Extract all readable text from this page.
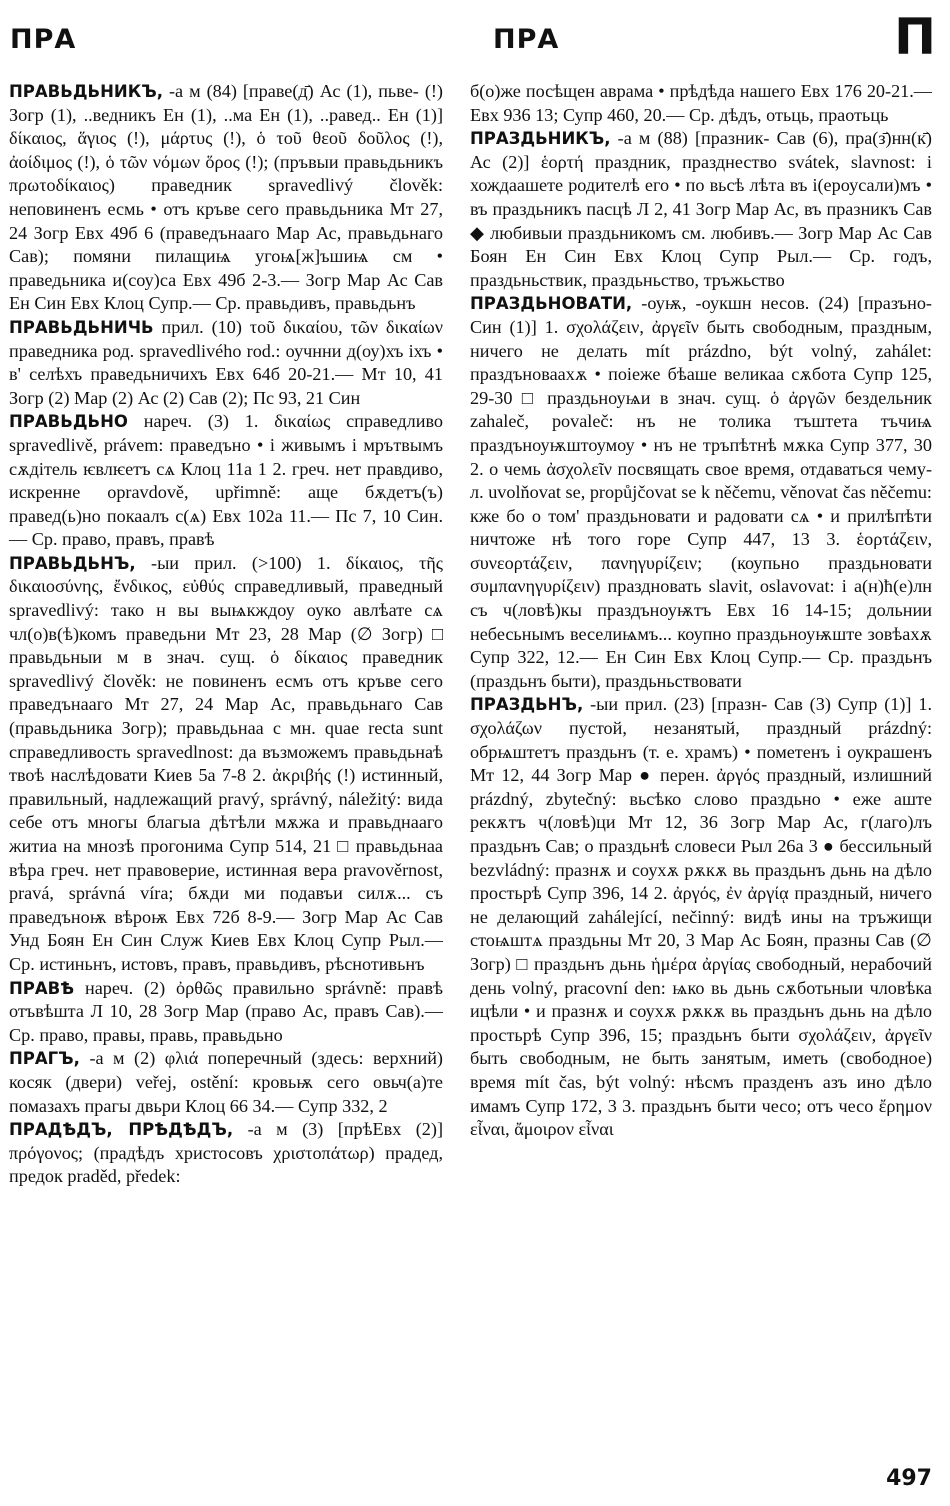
ПРА	ПРА	П

ПРАВЬДЬНИКЪ, -а м (84) [праве(д̄) Ас (1), пьве- (!) Зогр (1), ..ведникъ Ен (1), ..ма Ен (1), ..равед.. Ен (1)] δίκαιος, ἅγιος (!), μάρτυς (!), ὁ τοῦ θεοῦ δοῦλος (!), ἀοίδιμος (!), ὁ τῶν νόμων ὅρος (!); (пръвыи правьдьникъ πρωτοδίκαιος) праведник spravedlivý člověk: неповиненъ есмь • отъ кръве сего правьдьника Мт 27, 24 Зогр Евх 49б 6 (праведънааго Мар Ас, правьдьнаго Сав); помяни пилащиѩ угоѩ[ж]ъшиѩ см • праведьника и(соу)са Евх 49б 2-3.— Зогр Мар Ас Сав Ен Син Евх Клоц Супр.— Ср. правьдивъ, правьдьнъ

ПРАВЬДЬНИЧЬ прил. (10) τοῦ δικαίου, τῶν δικαίων праведника род. spravedlivého rod.: оучнни д(оу)хъ іхъ • в' селѣхъ праведьничихъ Евх 64б 20-21.— Мт 10, 41 Зогр (2) Мар (2) Ас (2) Сав (2); Пс 93, 21 Син

ПРАВЬДЬНО нареч. (3) 1. δικαίως справедливо spravedlivě, právem: праведъно • і живымъ і мрътвымъ сѫдітель ѥвлѥетъ сѧ Клоц 11а 1 2. греч. нет правдиво, искренне opravdově, upřimně: аще бѫдетъ(ъ) правед(ь)но покаалъ с(ѧ) Евх 102а 11.— Пс 7, 10 Син.— Ср. право, правъ, правѣ

ПРАВЬДЬНЪ, -ыи прил. (>100) 1. δίκαιος, τῆς δικαιοσύνης, ἔνδικος, εὐθύς справедливый, праведный spravedlivý: тако н вы выѩкждоу оуко авлѣате сѧ чл(о)в(ѣ)комъ праведьни Мт 23, 28 Мар (∅ Зогр) □ правьдьныи м в знач. сущ. ὁ δίκαιος праведник spravedlivý člověk: не повиненъ есмъ отъ кръве сего праведънааго Мт 27, 24 Мар Ас, правьдьнаго Сав (правьдьника Зогр); правьдьнаа с мн. quae recta sunt справедливость spravedlnost: да възможемъ правьдьнаѣ твоѣ наслѣдовати Киев 5а 7-8 2. ἀκριβής (!) истинный, правильный, надлежащий pravý, správný, náležitý: вида себе отъ многы благыа дѣтѣли мѫжа и правьднааго житиа на мнозѣ прогонима Супр 514, 21 □ правьдьнаа вѣра греч. нет правоверие, истинная вера pravověrnost, pravá, správná víra; бѫди ми подавъи силѫ... съ праведъноѭ вѣроѭ Евх 72б 8-9.— Зогр Мар Ас Сав Унд Боян Ен Син Служ Киев Евх Клоц Супр Рыл.— Ср. истиньнъ, истовъ, правъ, правьдивъ, рѣснотивьнъ

ПРАВѢ нареч. (2) ὀρθῶς правильно správně: правѣ отъвѣшта Л 10, 28 Зогр Мар (право Ас, правъ Сав).— Ср. право, правы, правь, правьдьно

ПРАГЪ, -а м (2) φλιά поперечный (здесь: верхний) косяк (двери) veřej, ostění: кровьѭ сего овьч(а)те помазахъ прагы двьри Клоц 66 34.— Супр 332, 2

ПРАДѢДЪ, ПРѢДѢДЪ, -а м (3) [прѣЕвх (2)] πρόγονος; (прадѣдъ христосовъ χριστοπάτωρ) прадед, предок praděd, předek:

б(о)же посѣщен аврама • прѣдѣда нашего Евх 176 20-21.— Евх 936 13; Супр 460, 20.— Ср. дѣдъ, отьць, праотьць

ПРАЗДЬНИКЪ, -а м (88) [празник- Сав (6), пра(з̄)нн(к̄) Ас (2)] ἑορτή праздник, празднество svátek, slavnost: і хождаашете родителѣ его • по вьсѣ лѣта въ і(ероусали)мъ • въ праздьникъ пасцѣ Л 2, 41 Зогр Мар Ас, въ празникъ Сав ◆ любивыи праздьникомъ см. любивъ.— Зогр Мар Ас Сав Боян Ен Син Евх Клоц Супр Рыл.— Ср. годъ, праздьньствик, праздьньство, тръжьство

ПРАЗДЬНОВАТИ, -оуѭ, -оукшн несов. (24) [празъно- Син (1)] 1. σχολάζειν, ἀργεῖν быть свободным, праздным, ничего не делать mít prázdno, být volný, zahálet: праздъноваахѫ • поіеже бѣаше великаа сѫбота Супр 125, 29-30 □ праздьноуѩи в знач. сущ. ὁ ἀργῶν бездельник zahaleč, povaleč: нъ не толика тъштета тъчиѩ праздъноуѭштоумоу • нъ не тръпѣтнѣ мѫка Супр 377, 30 2. о чемь ἀσχολεῖν посвящать свое время, отдаваться чему-л. uvolňovat se, propůjčovat se k něčemu, věnovat čas něčemu: кже бо о том' праздьновати и радовати сѧ • и прилѣпѣти ничтоже нѣ того горе Супр 447, 13 3. ἑορτάζειν, συνεορτάζειν, πανηγυρίζειν; (коупьно праздьновати συμπανηγυρίζειν) праздновать slavit, oslavovat: і а(н)ћ(е)лн съ ч(ловѣ)кы праздъноуѭтъ Евх 16 14-15; дольнии небесьнымъ веселиѩмъ... коупно праздьноуѭште зовѣахѫ Супр 322, 12.— Ен Син Евх Клоц Супр.— Ср. праздьнъ (праздьнъ быти), праздьньствовати

ПРАЗДЬНЪ, -ыи прил. (23) [празн- Сав (3) Супр (1)] 1. σχολάζων пустой, незанятый, праздный prázdný: обрѩштетъ праздьнъ (т. е. храмъ) • пометенъ і оукрашенъ Мт 12, 44 Зогр Мар ● перен. ἀργός праздный, излишний prázdný, zbytečný: вьсѣко слово праздьно • еже аште рекѫтъ ч(ловѣ)ци Мт 12, 36 Зогр Мар Ас, г(лаго)лъ праздьнъ Сав; о праздьнѣ словеси Рыл 26а 3 ● бессильный bezvládný: празнѫ и соухѫ рѫкѫ вь праздьнъ дьнь на дѣло простьрѣ Супр 396, 14 2. ἀργός, ἐν ἀργίᾳ праздный, ничего не делающий zahálející, nečinný: видѣ ины на тръжищи стоѩштѧ праздьны Мт 20, 3 Мар Ас Боян, празны Сав (∅ Зогр) □ праздьнъ дьнь ἡμέρα ἀργίας свободный, нерабочий день volný, pracovní den: ѩко вь дьнь сѫботьныи чловѣка ицѣли • и празнѫ и соухѫ рѫкѫ вь праздьнъ дьнь на дѣло простьрѣ Супр 396, 15; праздьнъ быти σχολάζειν, ἀργεῖν быть свободным, не быть занятым, иметь (свободное) время mít čas, být volný: нѣсмъ празденъ азъ ино дѣло имамъ Супр 172, 3 3. праздьнъ быти чесо; отъ чесо ἔρημον εἶναι, ἄμοιρον εἶναι

497
